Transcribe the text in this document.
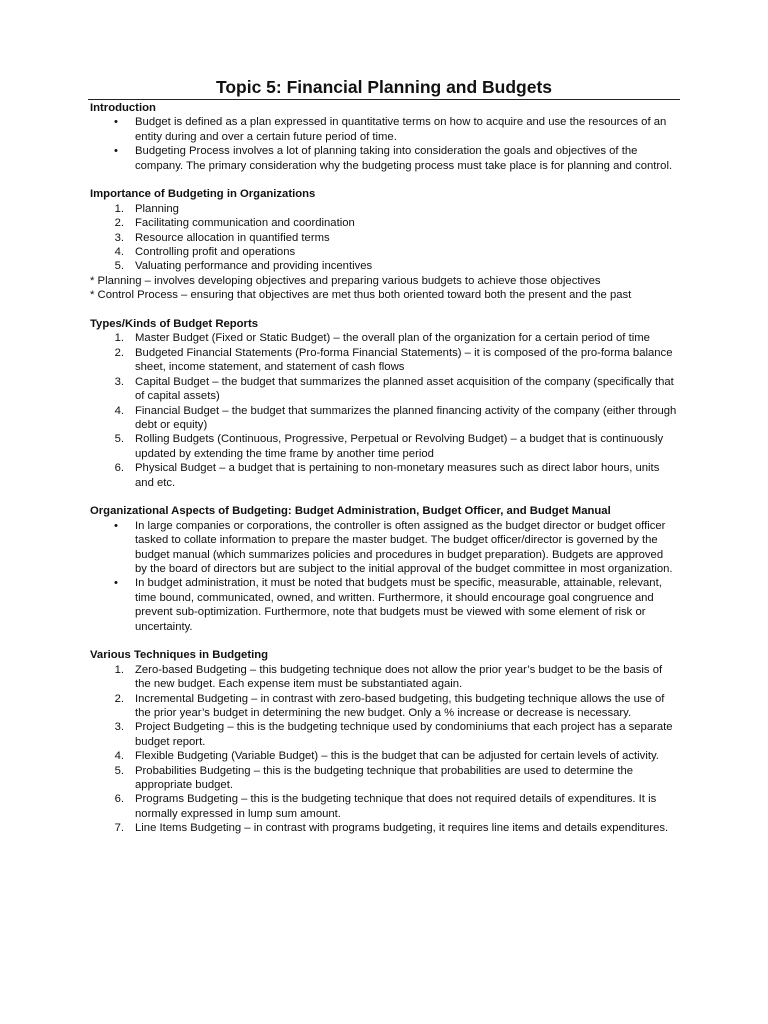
Topic 5: Financial Planning and Budgets
Introduction
• Budget is defined as a plan expressed in quantitative terms on how to acquire and use the resources of an entity during and over a certain future period of time.
• Budgeting Process involves a lot of planning taking into consideration the goals and objectives of the company. The primary consideration why the budgeting process must take place is for planning and control.
Importance of Budgeting in Organizations
1. Planning
2. Facilitating communication and coordination
3. Resource allocation in quantified terms
4. Controlling profit and operations
5. Valuating performance and providing incentives
* Planning – involves developing objectives and preparing various budgets to achieve those objectives
* Control Process – ensuring that objectives are met thus both oriented toward both the present and the past
Types/Kinds of Budget Reports
1. Master Budget (Fixed or Static Budget) – the overall plan of the organization for a certain period of time
2. Budgeted Financial Statements (Pro-forma Financial Statements) – it is composed of the pro-forma balance sheet, income statement, and statement of cash flows
3. Capital Budget – the budget that summarizes the planned asset acquisition of the company (specifically that of capital assets)
4. Financial Budget – the budget that summarizes the planned financing activity of the company (either through debt or equity)
5. Rolling Budgets (Continuous, Progressive, Perpetual or Revolving Budget) – a budget that is continuously updated by extending the time frame by another time period
6. Physical Budget – a budget that is pertaining to non-monetary measures such as direct labor hours, units and etc.
Organizational Aspects of Budgeting: Budget Administration, Budget Officer, and Budget Manual
• In large companies or corporations, the controller is often assigned as the budget director or budget officer tasked to collate information to prepare the master budget. The budget officer/director is governed by the budget manual (which summarizes policies and procedures in budget preparation). Budgets are approved by the board of directors but are subject to the initial approval of the budget committee in most organization.
• In budget administration, it must be noted that budgets must be specific, measurable, attainable, relevant, time bound, communicated, owned, and written. Furthermore, it should encourage goal congruence and prevent sub-optimization. Furthermore, note that budgets must be viewed with some element of risk or uncertainty.
Various Techniques in Budgeting
1. Zero-based Budgeting – this budgeting technique does not allow the prior year’s budget to be the basis of the new budget. Each expense item must be substantiated again.
2. Incremental Budgeting – in contrast with zero-based budgeting, this budgeting technique allows the use of the prior year’s budget in determining the new budget. Only a % increase or decrease is necessary.
3. Project Budgeting – this is the budgeting technique used by condominiums that each project has a separate budget report.
4. Flexible Budgeting (Variable Budget) – this is the budget that can be adjusted for certain levels of activity.
5. Probabilities Budgeting – this is the budgeting technique that probabilities are used to determine the appropriate budget.
6. Programs Budgeting – this is the budgeting technique that does not required details of expenditures. It is normally expressed in lump sum amount.
7. Line Items Budgeting – in contrast with programs budgeting, it requires line items and details expenditures.
